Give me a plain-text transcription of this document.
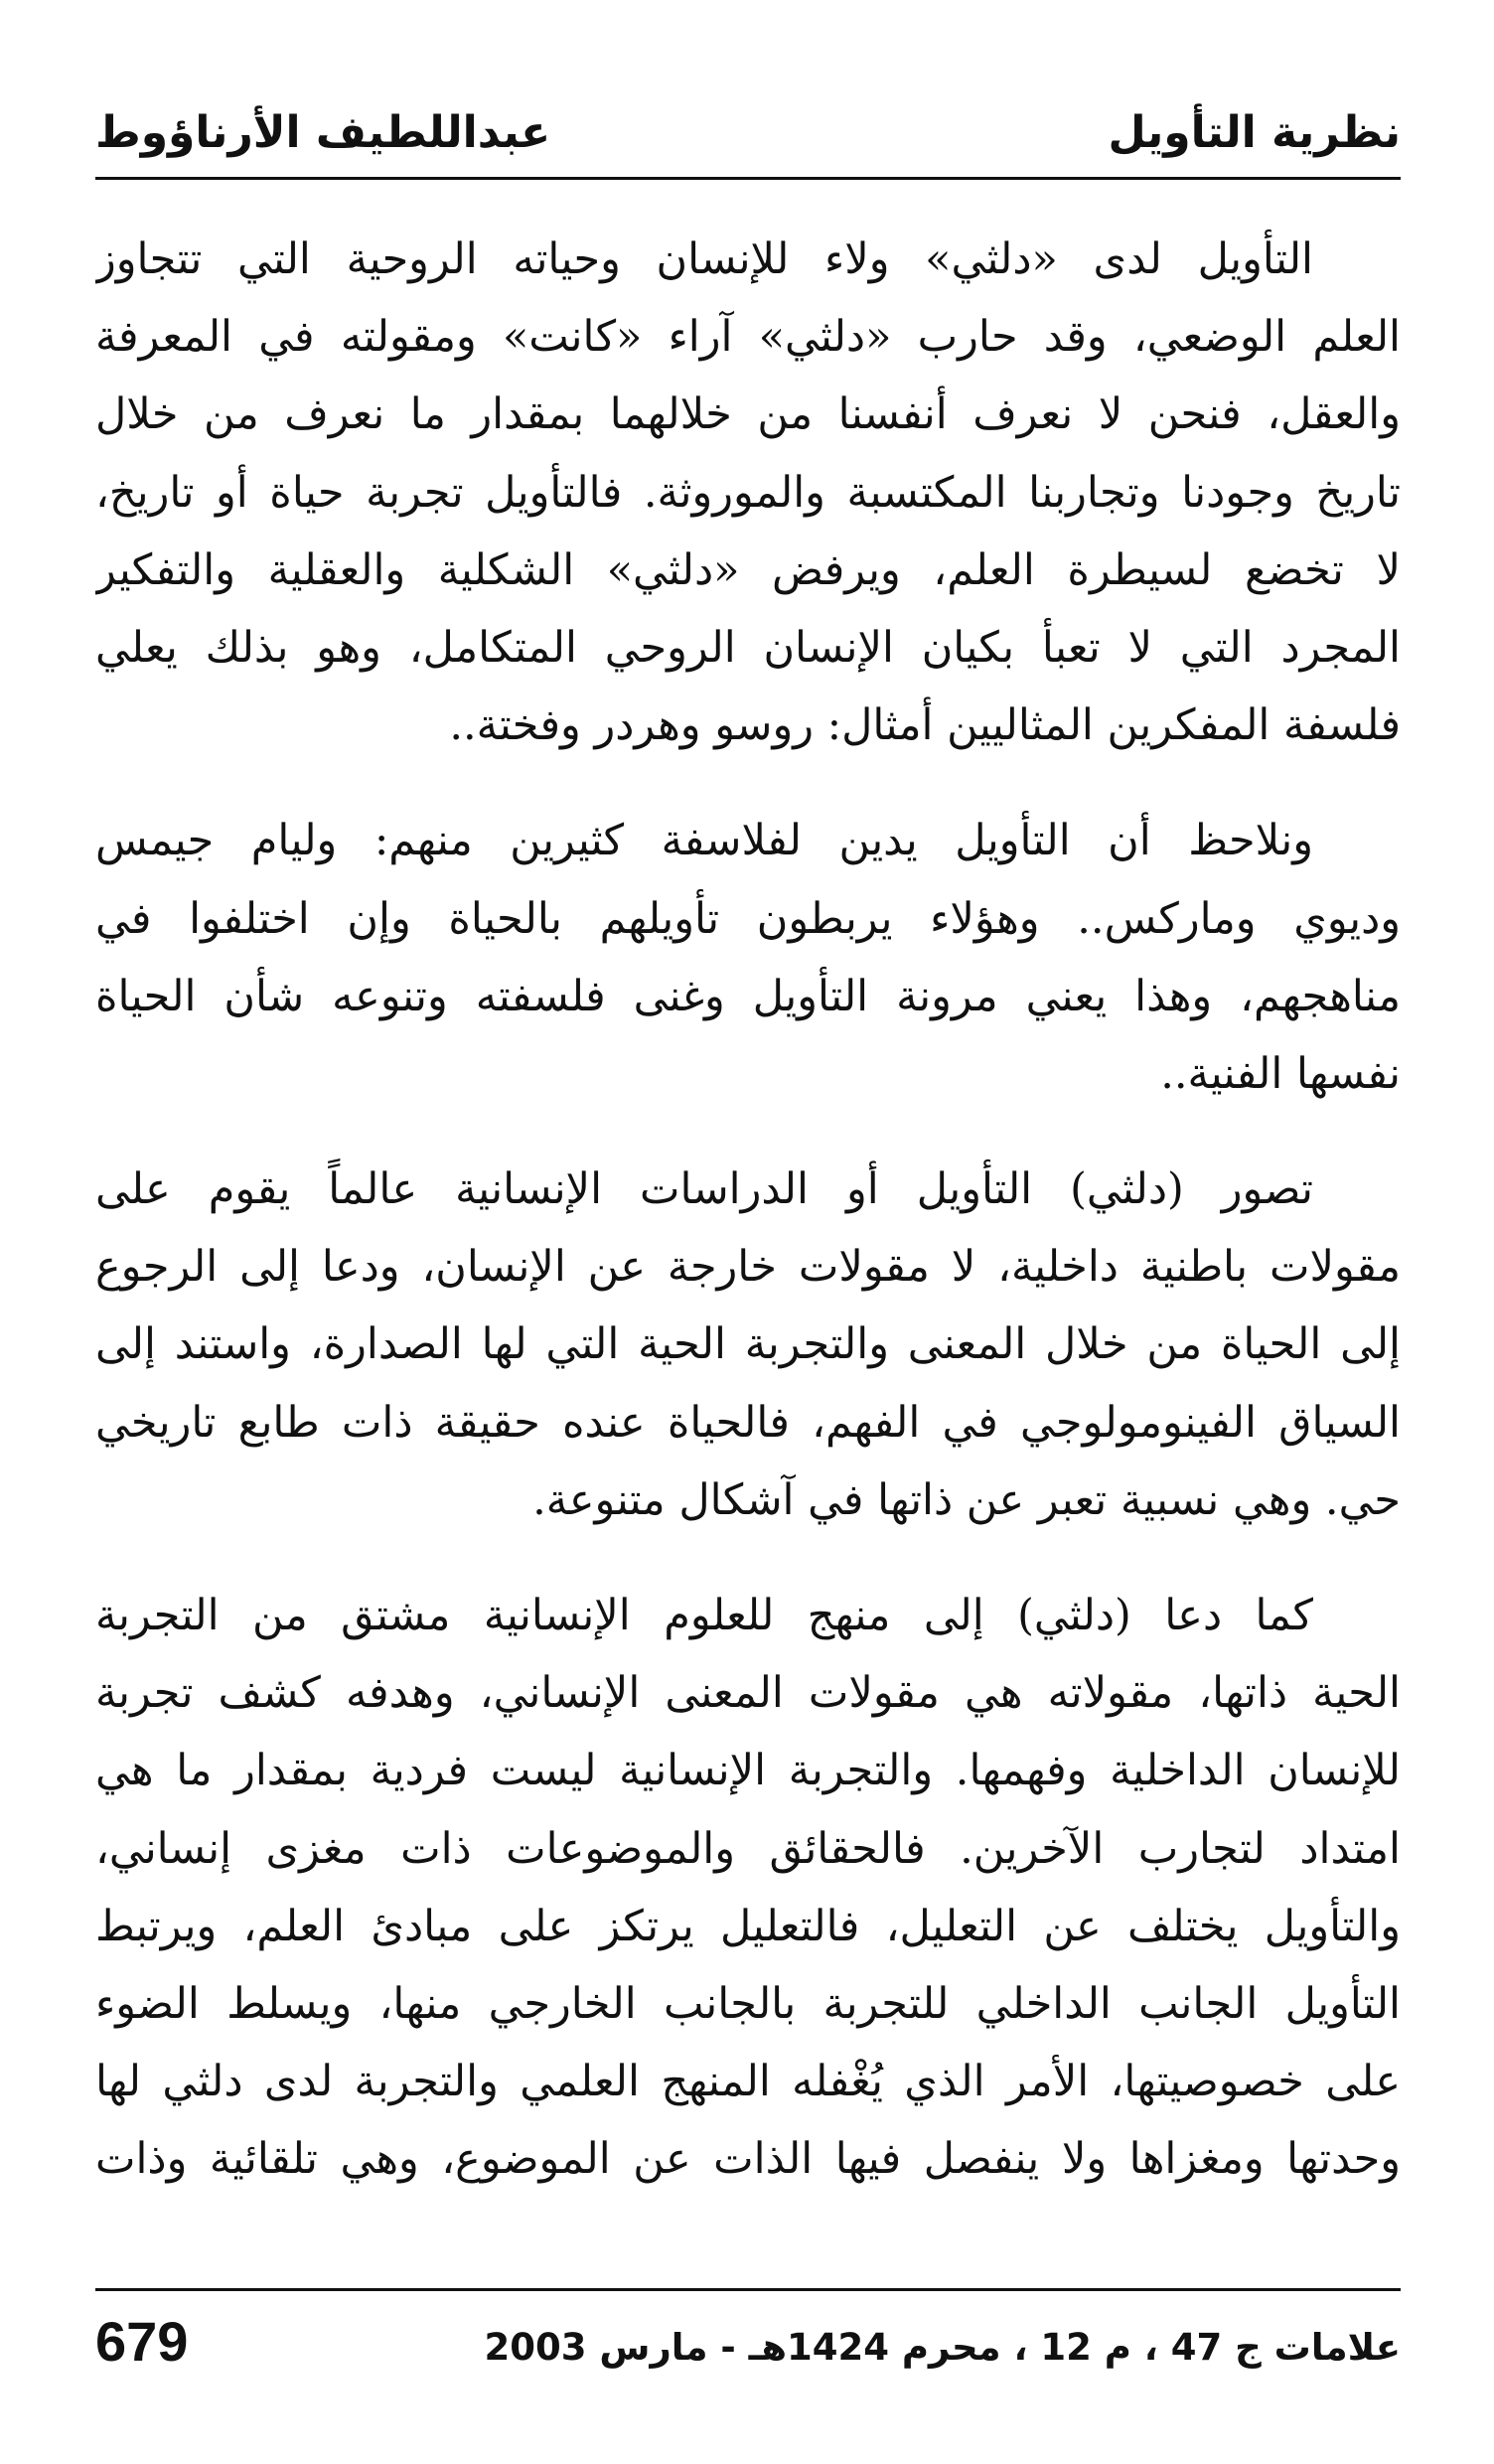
نظرية التأويل
عبداللطيف الأرناؤوط
التأويل لدى «دلثي» ولاء للإنسان وحياته الروحية التي تتجاوز
العلم الوضعي، وقد حارب «دلثي» آراء «كانت» ومقولته في المعرفة
والعقل، فنحن لا نعرف أنفسنا من خلالهما بمقدار ما نعرف من خلال
تاريخ وجودنا وتجاربنا المكتسبة والموروثة. فالتأويل تجربة حياة أو تاريخ،
لا تخضع لسيطرة العلم، ويرفض «دلثي» الشكلية والعقلية والتفكير
المجرد التي لا تعبأ بكيان الإنسان الروحي المتكامل، وهو بذلك يعلي
فلسفة المفكرين المثاليين أمثال: روسو وهردر وفختة..
ونلاحظ أن التأويل يدين لفلاسفة كثيرين منهم: وليام جيمس
وديوي وماركس.. وهؤلاء يربطون تأويلهم بالحياة وإن اختلفوا في
مناهجهم، وهذا يعني مرونة التأويل وغنى فلسفته وتنوعه شأن الحياة
نفسها الفنية..
تصور (دلثي) التأويل أو الدراسات الإنسانية عالماً يقوم على
مقولات باطنية داخلية، لا مقولات خارجة عن الإنسان، ودعا إلى الرجوع
إلى الحياة من خلال المعنى والتجربة الحية التي لها الصدارة، واستند إلى
السياق الفينومولوجي في الفهم، فالحياة عنده حقيقة ذات طابع تاريخي
حي. وهي نسبية تعبر عن ذاتها في آشكال متنوعة.
كما دعا (دلثي) إلى منهج للعلوم الإنسانية مشتق من التجربة
الحية ذاتها، مقولاته هي مقولات المعنى الإنساني، وهدفه كشف تجربة
للإنسان الداخلية وفهمها. والتجربة الإنسانية ليست فردية بمقدار ما هي
امتداد لتجارب الآخرين. فالحقائق والموضوعات ذات مغزى إنساني،
والتأويل يختلف عن التعليل، فالتعليل يرتكز على مبادئ العلم، ويرتبط
التأويل الجانب الداخلي للتجربة بالجانب الخارجي منها، ويسلط الضوء
على خصوصيتها، الأمر الذي يُغْفله المنهج العلمي والتجربة لدى دلثي لها
وحدتها ومغزاها ولا ينفصل فيها الذات عن الموضوع، وهي تلقائية وذات
علامات ج 47 ، م 12 ، محرم 1424هـ - مارس 2003
679
